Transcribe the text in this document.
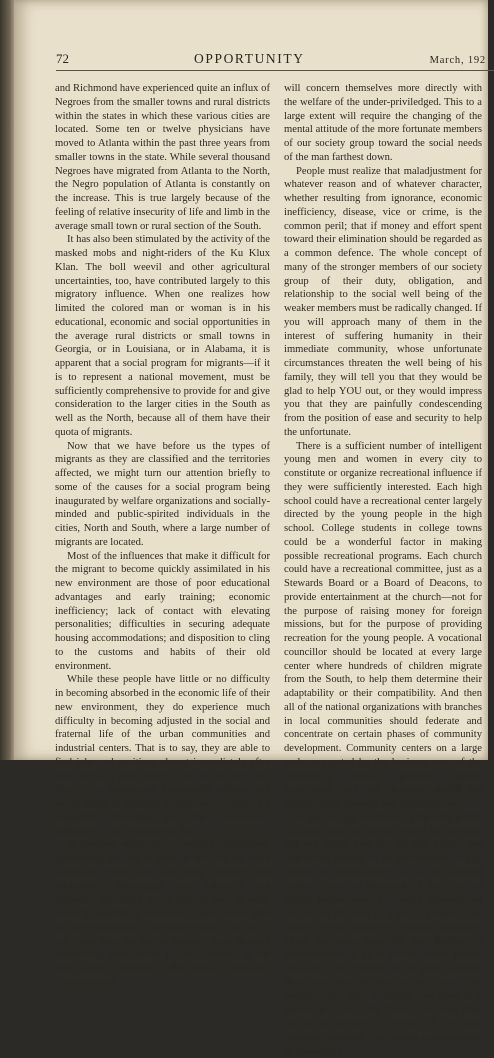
72	OPPORTUNITY	March, 192

and Richmond have experienced quite an influx of Negroes from the smaller towns and rural districts within the states in which these various cities are located. Some ten or twelve physicians have moved to Atlanta within the past three years from smaller towns in the state. While several thousand Negroes have migrated from Atlanta to the North, the Negro population of Atlanta is constantly on the increase. This is true largely because of the feeling of relative insecurity of life and limb in the average small town or rural section of the South.

It has also been stimulated by the activity of the masked mobs and night-riders of the Ku Klux Klan. The boll weevil and other agricultural uncertainties, too, have contributed largely to this migratory influence. When one realizes how limited the colored man or woman is in his educational, economic and social opportunities in the average rural districts or small towns in Georgia, or in Louisiana, or in Alabama, it is apparent that a social program for migrants—if it is to represent a national movement, must be sufficiently comprehensive to provide for and give consideration to the larger cities in the South as well as the North, because all of them have their quota of migrants.

Now that we have before us the types of migrants as they are classified and the territories affected, we might turn our attention briefly to some of the causes for a social program being inaugurated by welfare organizations and socially-minded and public-spirited individuals in the cities, North and South, where a large number of migrants are located.

Most of the influences that make it difficult for the migrant to become quickly assimilated in his new environment are those of poor educational advantages and early training; economic inefficiency; lack of contact with elevating personalities; difficulties in securing adequate housing accommodations; and disposition to cling to the customs and habits of their old environment.

While these people have little or no difficulty in becoming absorbed in the economic life of their new environment, they do experience much difficulty in becoming adjusted in the social and fraternal life of the urban communities and industrial centers. That is to say, they are able to find jobs and positions almost immediately after they arrive, if they desire to do so; but they may live in the community indefinitely without any social status or fraternal recognition in terms of a congenial fellowship with the constructive influences in the community life.

A program adequately providing recreational opportunity for the migrant as well as for other safeguards, health and well being, together with educational advantages and industrial and economic efficiency would require more of what is being regarded as community organization than has been attempted in any large measure in any of our cities thus far. Social workers must develop community organization in their sections, to the point where a majority of the people of fortunate circumstances

will concern themselves more directly with the welfare of the under-priviledged. This to a large extent will require the changing of the mental attitude of the more fortunate members of our society group toward the social needs of the man farthest down.

People must realize that maladjustment for whatever reason and of whatever character, whether resulting from ignorance, economic inefficiency, disease, vice or crime, is the common peril; that if money and effort spent toward their elimination should be regarded as a common defence. The whole concept of many of the stronger members of our society group of their duty, obligation, and relationship to the social well being of the weaker members must be radically changed. If you will approach many of them in the interest of suffering humanity in their immediate community, whose unfortunate circumstances threaten the well being of his family, they will tell you that they would be glad to help YOU out, or they would impress you that they are painfully condescending from the position of ease and security to help the unfortunate.

There is a sufficient number of intelligent young men and women in every city to constitute or organize recreational influence if they were sufficiently interested. Each high school could have a recreational center largely directed by the young people in the high school. College students in college towns could be a wonderful factor in making possible recreational programs. Each church could have a recreational committee, just as a Stewards Board or a Board of Deacons, to provide entertainment at the church—not for the purpose of raising money for foreign missions, but for the purpose of providing recreation for the young people. A vocational councillor should be located at every large center where hundreds of children migrate from the South, to help them determine their adaptability or their compatibility. And then all of the national organizations with branches in local communities should federate and concentrate on certain phases of community development. Community centers on a large scale, supported by the business men of the community, should provide capable supervisors, and the churches should get together their finances and employ nurses.

In the average southern city the only public building, save the church, where the working girl and young men too, for that matter, can find social contact in an environment of any degree of respectability is at the railroad station. There are thousands of this class of young people who are being demoralized because of the lack of a social program that would provide them with healthy recreation. There are those who feel too humble in circumstances to go to church. Many people who send their children to the public schools do not send their children or carry them to the church. They have a feeling that there is a degree of pride in the church, resulting from the social position or prestige of the more fortunate members, that creates an atmosphere of aristocracy.
